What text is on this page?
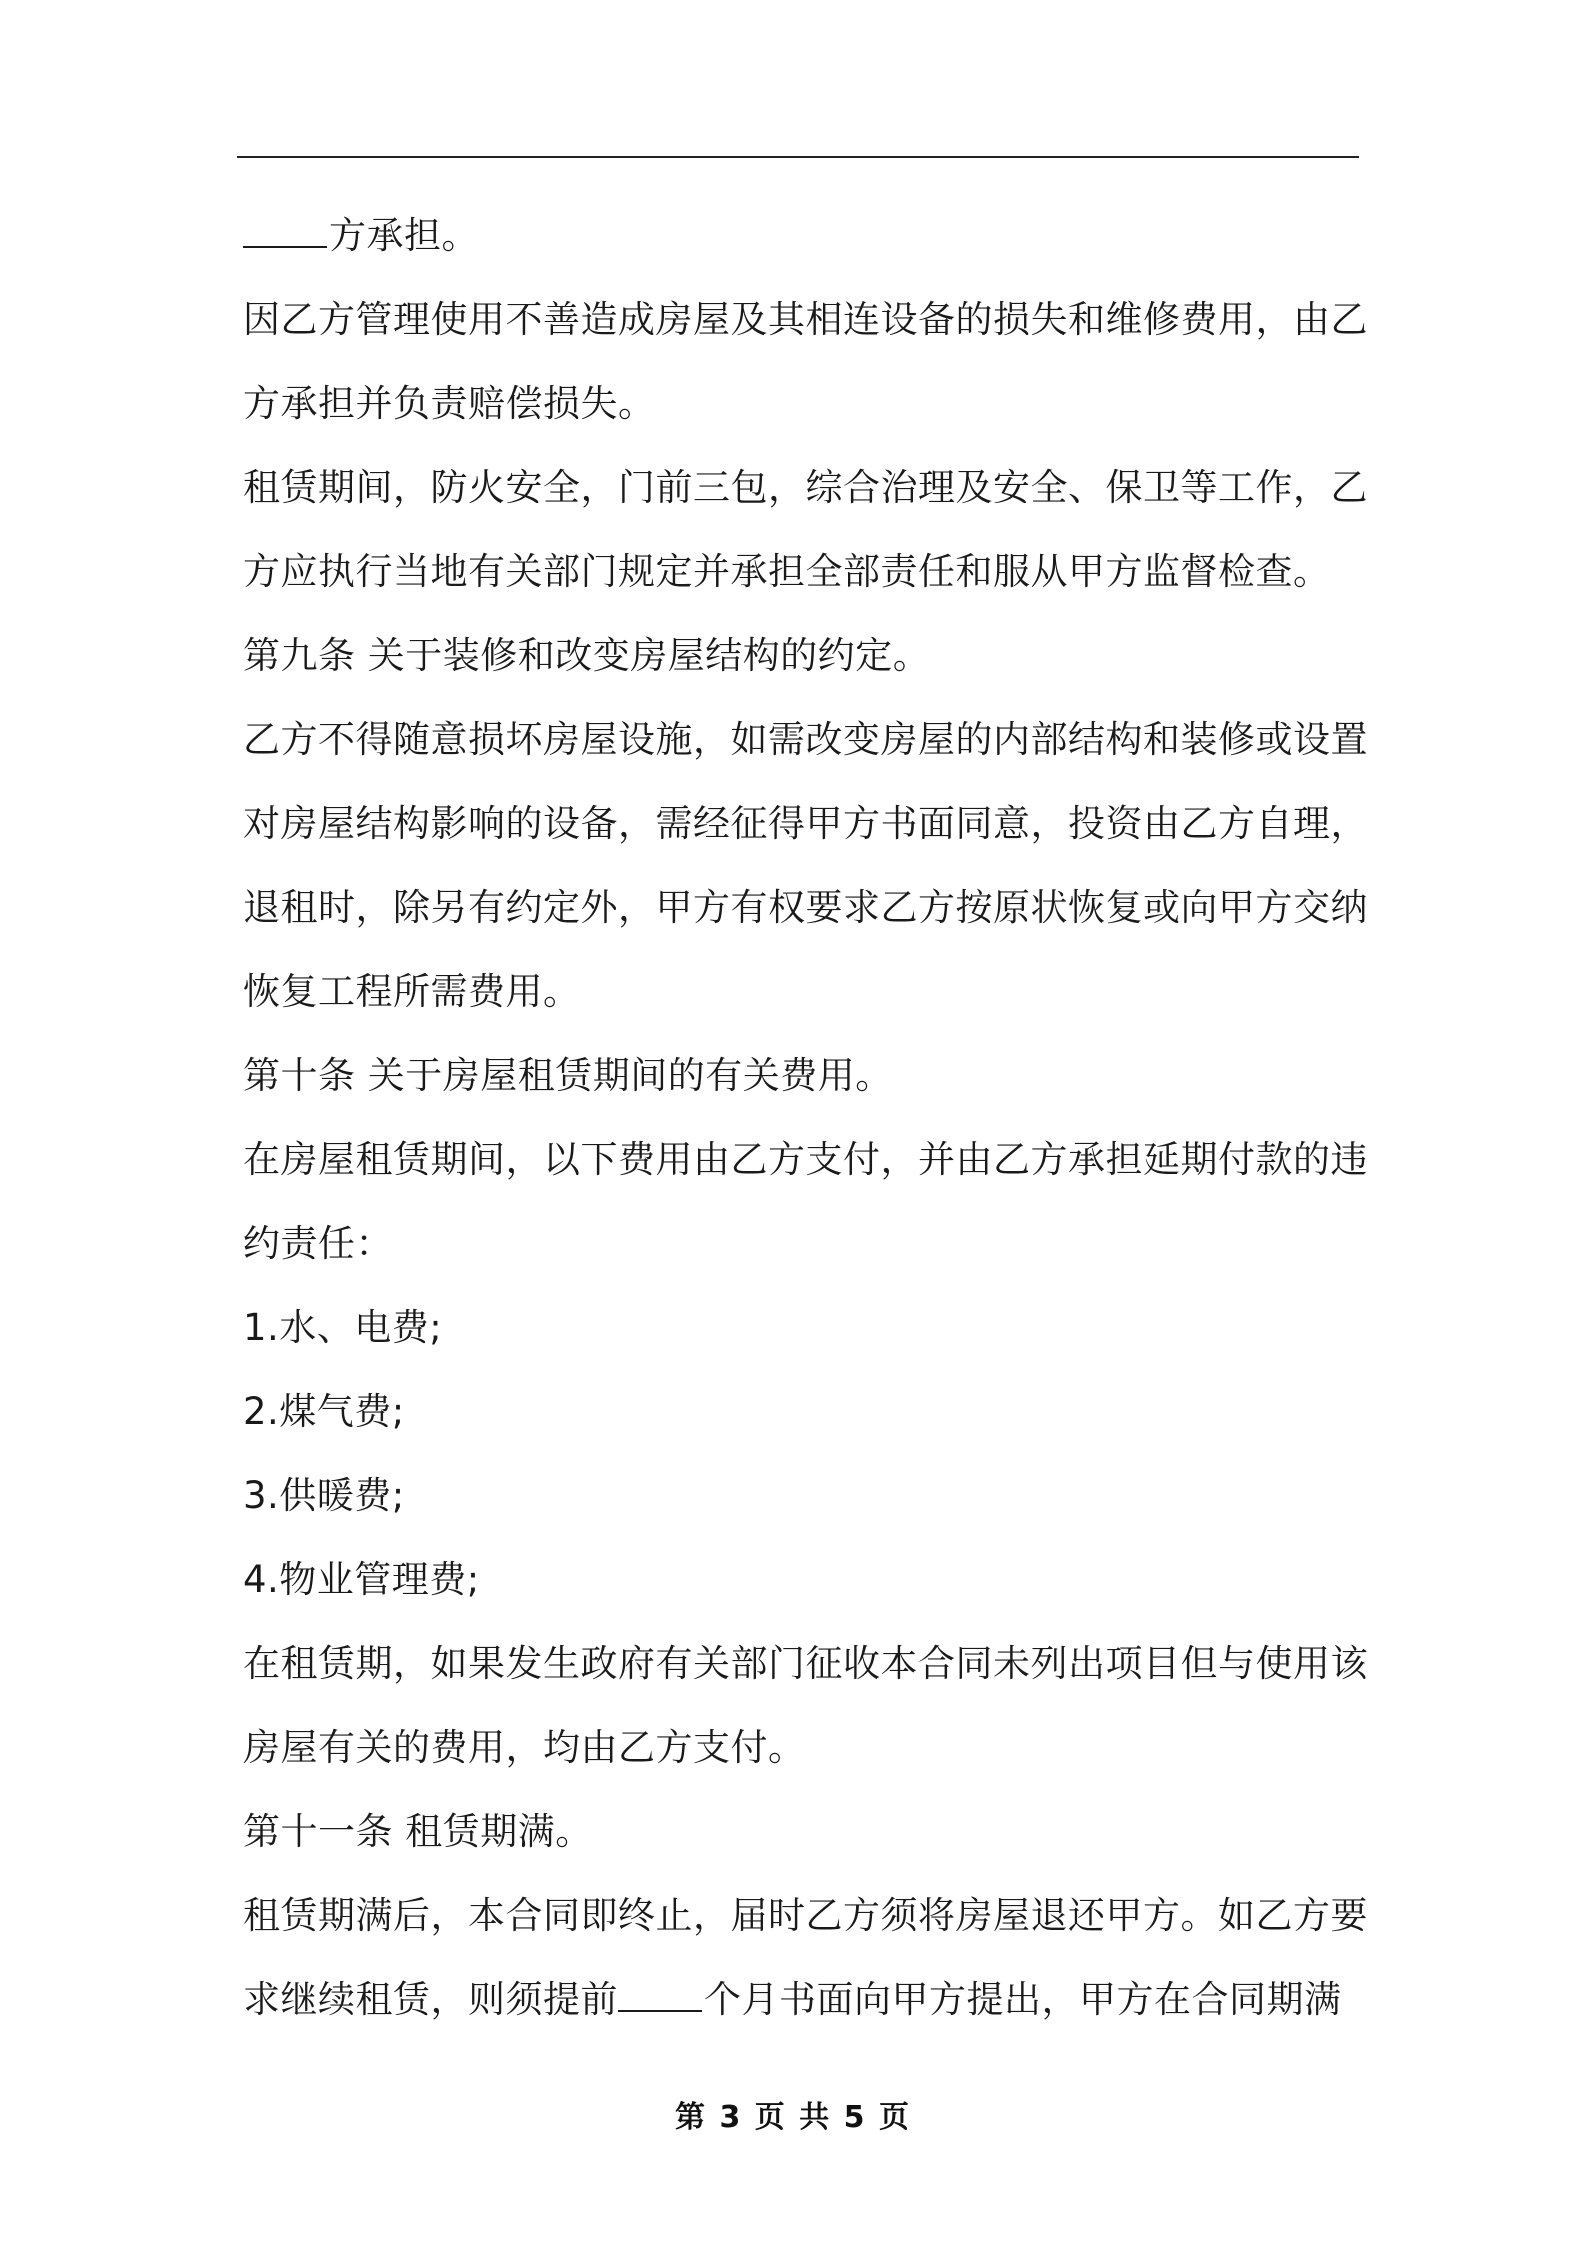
方承担。
因乙方管理使用不善造成房屋及其相连设备的损失和维修费用，由乙
方承担并负责赔偿损失。
租赁期间，防火安全，门前三包，综合治理及安全、保卫等工作，乙
方应执行当地有关部门规定并承担全部责任和服从甲方监督检查。
第九条 关于装修和改变房屋结构的约定。
乙方不得随意损坏房屋设施，如需改变房屋的内部结构和装修或设置
对房屋结构影响的设备，需经征得甲方书面同意，投资由乙方自理，
退租时，除另有约定外，甲方有权要求乙方按原状恢复或向甲方交纳
恢复工程所需费用。
第十条 关于房屋租赁期间的有关费用。
在房屋租赁期间，以下费用由乙方支付，并由乙方承担延期付款的违
约责任：
1.水、电费;
2.煤气费;
3.供暖费;
4.物业管理费;
在租赁期，如果发生政府有关部门征收本合同未列出项目但与使用该
房屋有关的费用，均由乙方支付。
第十一条 租赁期满。
租赁期满后，本合同即终止，届时乙方须将房屋退还甲方。如乙方要
求继续租赁，则须提前 个月书面向甲方提出，甲方在合同期满
第 3 页 共 5 页
